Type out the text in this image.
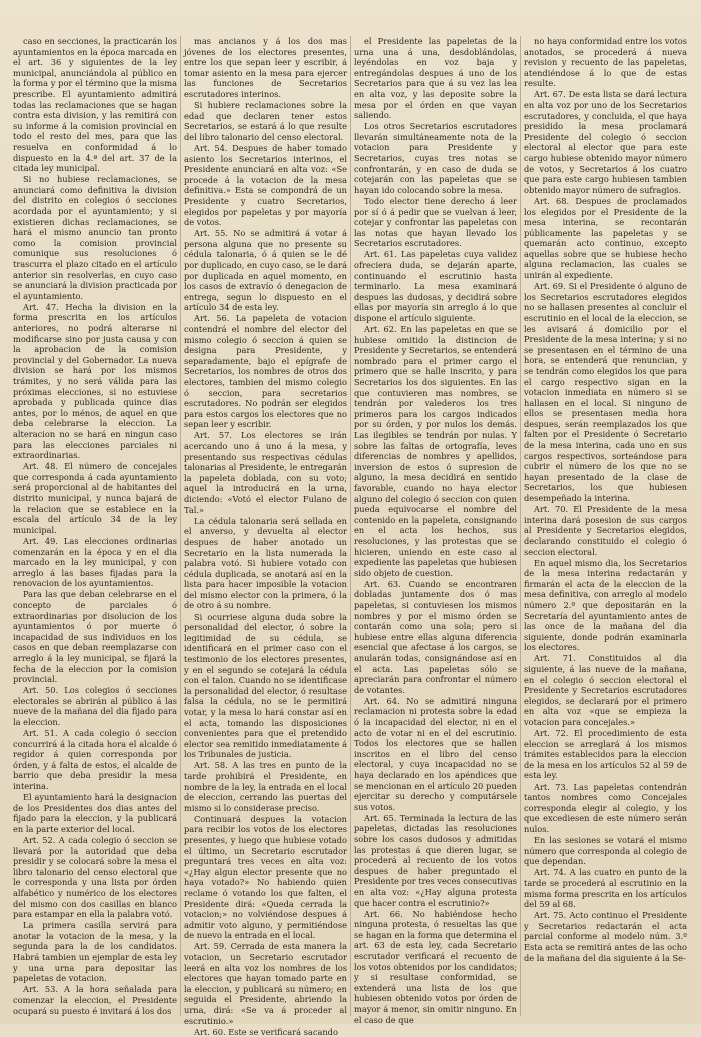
caso en secciones, la practicarán los ayuntamientos en la época marcada en el art. 36 y siguientes de la ley municipal, anunciándola al público en la forma y por el término que la misma prescribe. El ayuntamiento admitirá todas las reclamaciones que se hagan contra esta division, y las remitirá con su informe á la comision provincial en todo el resto del mes, para que las resuelva en conformidad á lo dispuesto en la 4.ª del art. 37 de la citada ley municipal.

Si no hubiese reclamaciones, se anunciará como definitiva la division del distrito en colegios ó secciones acordada por el ayuntamiento; y si existieren dichas reclamaciones, se hará el mismo anuncio tan pronto como la comision provincial comunique sus resoluciones ó trascurra el plazo citado en el artículo anterior sin resolverlas, en cuyo caso se anunciará la division practicada por el ayuntamiento.

Art. 47. Hecha la division en la forma prescrita en los artículos anteriores, no podrá alterarse ni modificarse sino por justa causa y con la aprobacion de la comision provincial y del Gobernador. La nueva division se hará por los mismos trámites, y no será válida para las próximas elecciones, si no estuviese aprobada y publicada quince dias antes, por lo ménos, de aquel en que deba celebrarse la eleccion. La alteracion no se hará en ningun caso para las elecciones parciales ni extraordinarias.

Art. 48. El número de concejales que corresponda á cada ayuntamiento será proporcional al de habitantes del distrito municipal, y nunca bajará de la relacion que se establece en la escala del artículo 34 de la ley municipal.

Art. 49. Las elecciones ordinarias comenzarán en la época y en el dia marcado en la ley municipal, y con arreglo á las bases fijadas para la renovacion de los ayuntamientos.

Para las que deban celebrarse en el concepto de parciales ó extraordinarias por disolucion de los ayuntamientos ó por muerte ó incapacidad de sus individuos en los casos en que deban reemplazarse con arreglo á la ley municipal, se fijará la fecha de la eleccion por la comision provincial.

Art. 50. Los colegios ó secciones electorales se abrirán al público á las nueve de la mañana del dia fijado para la eleccion.

Art. 51. A cada colegio ó seccion concurrirá á la citada hora el alcalde ó regidor á quien corresponda por órden, y á falta de estos, el alcalde de barrio que deba presidir la mesa interina.

El ayuntamiento hará la designacion de los Presidentes dos dias antes del fijado para la eleccion, y la publicará en la parte exterior del local.

Art. 52. A cada colegio ó seccion se llevará por la autoridad que deba presidir y se colocará sobre la mesa el libro talonario del censo electoral que le corresponda y una lista por órden alfabético y numérico de los electores del mismo con dos casillas en blanco para estampar en ella la palabra votó.

La primera casilla servirá para anotar la votacion de la mesa, y la segunda para la de los candidatos. Habrá tambien un ejemplar de esta ley y una urna para depositar las papeletas de votacion.

Art. 53. A la hora señalada para comenzar la eleccion, el Presidente ocupará su puesto é invitará á los dos

mas ancianos y á los dos mas jóvenes de los electores presentes, entre los que sepan leer y escribir, á tomar asiento en la mesa para ejercer las funciones de Secretarios escrutadores interinos.

Si hubiere reclamaciones sobre la edad que declaren tener estos Secretarios, se estará á lo que resulte del libro talonario del censo electoral.

Art. 54. Despues de haber tomado asiento los Secretarios interinos, el Presidente anunciará en alta voz: «Se procede á la votacion de la mesa definitiva.» Esta se compondrá de un Presidente y cuatro Secretarios, elegidos por papeletas y por mayoría de votos.

Art. 55. No se admitirá á votar á persona alguna que no presente su cédula talonaria, ó á quien se le dé por duplicado, en cuyo caso, se le dará por duplicada en aquel momento, en los casos de extravío ó denegacion de entrega, segun lo dispuesto en el artículo 34 de esta ley.

Art. 56. La papeleta de votacion contendrá el nombre del elector del mismo colegio ó seccion á quien se designa para Presidente, y separadamente, bajo el epígrafe de Secretarios, los nombres de otros dos electores, tambien del mismo colegio ó seccion, para secretarios escrutadores. No podrán ser elegidos para estos cargos los electores que no sepan leer y escribir.

Art. 57. Los electores se irán acercando uno á uno á la mesa, y presentando sus respectivas cédulas talonarias al Presidente, le entregarán la papeleta doblada, con su voto; aquel la introducirá en la urna, diciendo: «Votó el elector Fulano de Tal.»

La cédula talonaria será sellada en el anverso, y devuelta al elector despues de haber anotado un Secretario en la lista numerada la palabra votó. Si hubiere votado con cédula duplicada, se anotará así en la lista para hacer imposible la votacion del mismo elector con la primera, ó la de otro á su nombre.

Si ocurriese alguna duda sobre la personalidad del elector, ó sobre la legitimidad de su cédula, se identificará en el primer caso con el testimonio de los electores presentes, y en el segundo se cotejará la cédula con el talon. Cuando no se identificase la personalidad del elector, ó resultase falsa la cédula, no se le permitirá votar, y la mesa lo hará constar así en el acta, tomando las disposiciones convenientes para que el pretendido elector sea remitido inmediatamente á los Tribunales de justicia.

Art. 58. A las tres en punto de la tarde prohibirá el Presidente, en nombre de la ley, la entrada en el local de eleccion, cerrando las puertas del mismo si lo considerase preciso.

Continuará despues la votacion para recibir los votos de los electores presentes, y luego que hubiese votado el último, un Secretario escrutador preguntará tres veces en alta voz: «¿Hay algun elector presente que no haya votado?» No habiendo quien reclame ó votando los que falten, el Presidente dirá: «Queda cerrada la votacion;» no volviéndose despues á admitir voto alguno, y permitiéndose de nuevo la entrada en el local.

Art. 59. Cerrada de esta manera la votacion, un Secretario escrutador leerá en alta voz los nombres de los electores que hayan tomado parte en la eleccion, y publicará su número; en seguida el Presidente, abriendo la urna, dirá: «Se va á proceder al escrutinio.»

Art. 60. Este se verificará sacando

el Presidente las papeletas de la urna una á una, desdoblándolas, leyéndolas en voz baja y entregándolas despues á uno de los Secretarios para que á su vez las lea en alta voz, y las deposite sobre la mesa por el órden en que vayan saliendo.

Los otros Secretarios escrutadores llevarán simultáneamente nota de la votacion para Presidente y Secretarios, cuyas tres notas se confrontarán, y en caso de duda se cotejarán con las papeletas que se hayan ido colocando sobre la mesa.

Todo elector tiene derecho á leer por sí ó á pedir que se vuelvan á leer, cotejar y confrontar las papeletas con las notas que hayan llevado los Secretarios escrutadores.

Art. 61. Las papeletas cuya validez ofreciera duda, se dejarán aparte, continuando el escrutinio hasta terminarlo. La mesa examinará despues las dudosas, y decidirá sobre ellas por mayoría sin arreglo á lo que dispone el artículo siguiente.

Art. 62. En las papeletas en que se hubiese omitido la distincion de Presidente y Secretarios, se entenderá nombrado para el primer cargo el primero que se halle inscrito, y para Secretarios los dos siguientes. En las que contuvieren mas nombres, se tendrán por valederos los tres primeros para los cargos indicados por su órden, y por nulos los demás. Las ilegibles se tendrán por nulas. Y sobre las faltas de ortografía, leves diferencias de nombres y apellidos, inversion de estos ó supresion de alguno, la mesa decidirá en sentido favorable, cuando no haya elector alguno del colegio ó seccion con quien pueda equivocarse el nombre del contenido en la papeleta, consignando en el acta los hechos, sus resoluciones, y las protestas que se hicieren, uniendo en este caso al expediente las papeletas que hubiesen sido objeto de cuestion.

Art. 63. Cuando se encontraren dobladas juntamente dos ó mas papeletas, si contuviesen los mismos nombres y por el mismo órden se contarán como una sola; pero si hubiese entre ellas alguna diferencia esencial que afectase á los cargos, se anularán todas, consignándose así en el acta. Las papeletas sólo se apreciarán para confrontar el número de votantes.

Art. 64. No se admitirá ninguna reclamacion ni protesta sobre la edad ó la incapacidad del elector, ni en el acto de votar ni en el del escrutinio. Todos los electores que se hallen inscritos en el libro del censo electoral, y cuya incapacidad no se haya declarado en los apéndices que se mencionan en el artículo 20 pueden ejercitar su derecho y computársele sus votos.

Art. 65. Terminada la lectura de las papeletas, dictadas las resoluciones sobre los casos dudosos y admitidas las protestas á que dieren lugar, se procederá al recuento de los votos despues de haber preguntado el Presidente por tres veces consecutivas en alta voz: «¿Hay alguna protesta que hacer contra el escrutinio?»

Art. 66. No habiéndose hecho ninguna protesta, ó resueltas las que se hagan en la forma que determina el art. 63 de esta ley, cada Secretario escrutador verificará el recuento de los votos obtenidos por los candidatos; y si resultase conformidad, se extenderá una lista de los que hubiesen obtenido votos por órden de mayor á menor, sin omitir ninguno. En el caso de que

no haya conformidad entre los votos anotados, se procederá á nueva revision y recuento de las papeletas, atendiéndose á lo que de estas resulte.

Art. 67. De esta lista se dará lectura en alta voz por uno de los Secretarios escrutadores, y concluida, el que haya presidido la mesa proclamará Presidente del colegio ó seccion electoral al elector que para este cargo hubiese obtenido mayor número de votos, y Secretarios á los cuatro que para este cargo hubiesen tambien obtenido mayor número de sufragios.

Art. 68. Despues de proclamados los elegidos por el Presidente de la mesa interina, se recontarán públicamente las papeletas y se quemarán acto continuo, excepto aquellas sobre que se hubiese hecho alguna reclamacion, las cuales se unirán al expediente.

Art. 69. Si el Presidente ó alguno de los Secretarios escrutadores elegidos no se hallasen presentes al concluir el escrutinio en el local de la eleccion, se les avisará á domicilio por el Presidente de la mesa interina; y si no se presentasen en el término de una hora, se entenderá que renuncian, y se tendrán como elegidos los que para el cargo respectivo sigan en la votacion inmediata en número si se hallasen en el local. Si ninguno de ellos se presentasen media hora despues, serán reemplazados los que falten por el Presidente ó Secretario de la mesa interina, cada uno en sus cargos respectivos, sorteándose para cubrir el número de los que no se hayan presentado de la clase de Secretarios, los que hubiesen desempeñado la interina.

Art. 70. El Presidente de la mesa interina dará posesion de sus cargos al Presidente y Secretarios elegidos, declarando constituido el colegio ó seccion electoral.

En aquel mismo dia, los Secretarios de la mesa interina redactarán y firmarán el acta de la eleccion de la mesa definitiva, con arreglo al modelo número 2.º que depositarán en la Secretaría del ayuntamiento antes de las once de la mañana del dia siguiente, donde podrán examinarla los electores.

Art. 71. Constituidos al dia siguiente, á las nueve de la mañana, en el colegio ó seccion electoral el Presidente y Secretarios escrutadores elegidos, se declarará por el primero en alta voz «que se empieza la votacion para concejales.»

Art. 72. El procedimiento de esta eleccion se arreglará á los mismos trámites establecidos para la eleccion de la mesa en los artículos 52 al 59 de esta ley.

Art. 73. Las papeletas contendrán tantos nombres como Concejales corresponda elegir al colegio, y los que excediesen de este número serán nulos.

En las sesiones se votará el mismo número que corresponda al colegio de que dependan.

Art. 74. A las cuatro en punto de la tarde se procederá al escrutinio en la misma forma prescrita en los artículos del 59 al 68.

Art. 75. Acto continuo el Presidente y Secretarios redactarán el acta parcial conforme al modelo núm. 3.º Esta acta se remitirá antes de las ocho de la mañana del dia siguiente á la Se-
